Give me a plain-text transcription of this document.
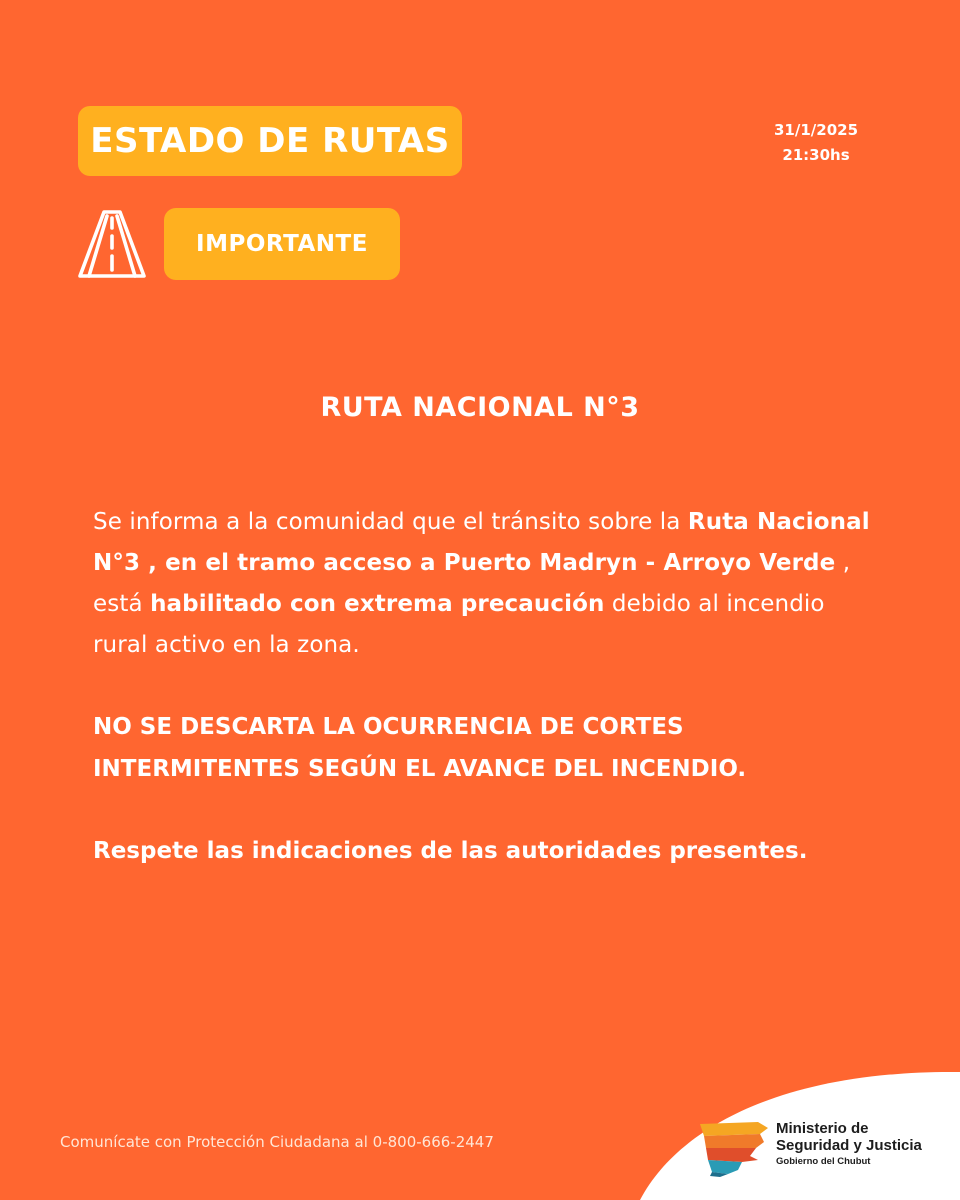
ESTADO DE RUTAS	31/1/2025
21:30hs
IMPORTANTE
RUTA NACIONAL N°3

Se informa a la comunidad que el tránsito sobre la Ruta Nacional N°3 , en el tramo acceso a Puerto Madryn - Arroyo Verde , está habilitado con extrema precaución debido al incendio rural activo en la zona.

NO SE DESCARTA LA OCURRENCIA DE CORTES INTERMITENTES SEGÚN EL AVANCE DEL INCENDIO.

Respete las indicaciones de las autoridades presentes.

Comunícate con Protección Ciudadana al 0-800-666-2447
Ministerio de
Seguridad y Justicia
Gobierno del Chubut
